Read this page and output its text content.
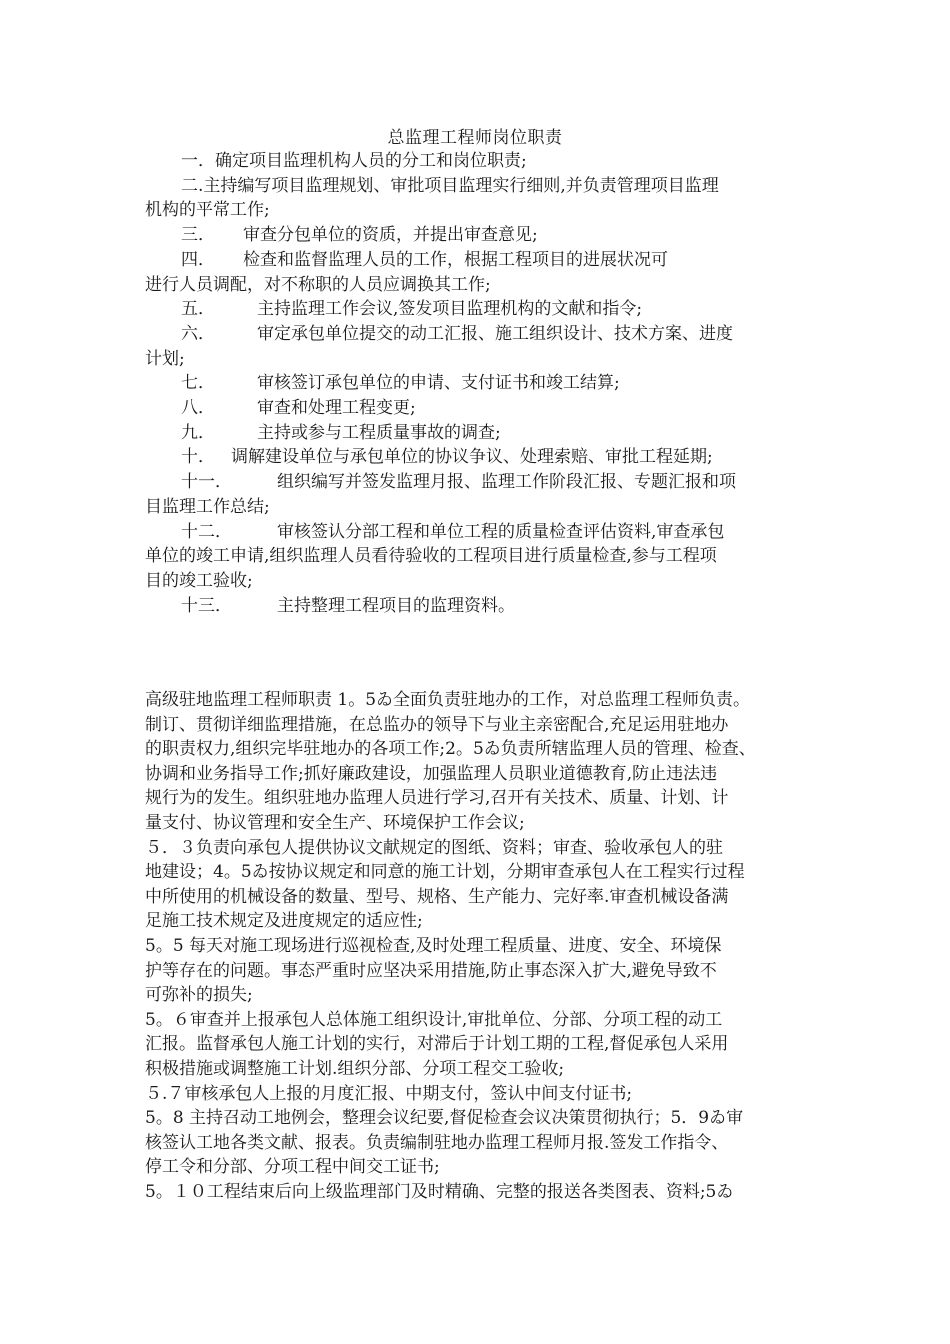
总监理工程师岗位职责

一．确定项目监理机构人员的分工和岗位职责;

二.主持编写项目监理规划、审批项目监理实行细则,并负责管理项目监理

机构的平常工作;

三． 审查分包单位的资质，并提出审查意见;

四． 检查和监督监理人员的工作，根据工程项目的进展状况可

进行人员调配，对不称职的人员应调换其工作;

五． 主持监理工作会议,签发项目监理机构的文献和指令;

六． 审定承包单位提交的动工汇报、施工组织设计、技术方案、进度

计划;

七． 审核签订承包单位的申请、支付证书和竣工结算;

八． 审查和处理工程变更;

九． 主持或参与工程质量事故的调查;

十． 调解建设单位与承包单位的协议争议、处理索赔、审批工程延期;

十一．	组织编写并签发监理月报、监理工作阶段汇报、专题汇报和项

目监理工作总结;

十二．	审核签认分部工程和单位工程的质量检查评估资料,审查承包

单位的竣工申请,组织监理人员看待验收的工程项目进行质量检查,参与工程项

目的竣工验收;

十三．	主持整理工程项目的监理资料。

高级驻地监理工程师职责 1。5ゐ全面负责驻地办的工作，对总监理工程师负责。

制订、贯彻详细监理措施，在总监办的领导下与业主亲密配合,充足运用驻地办

的职责权力,组织完毕驻地办的各项工作;2。5ゐ负责所辖监理人员的管理、检查、

协调和业务指导工作;抓好廉政建设，加强监理人员职业道德教育,防止违法违

规行为的发生。组织驻地办监理人员进行学习,召开有关技术、质量、计划、计

量支付、协议管理和安全生产、环境保护工作会议;

５．３负责向承包人提供协议文献规定的图纸、资料；审查、验收承包人的驻

地建设；4。5ゐ按协议规定和同意的施工计划，分期审查承包人在工程实行过程

中所使用的机械设备的数量、型号、规格、生产能力、完好率.审查机械设备满

足施工技术规定及进度规定的适应性;

5。5 每天对施工现场进行巡视检查,及时处理工程质量、进度、安全、环境保

护等存在的问题。事态严重时应坚决采用措施,防止事态深入扩大,避免导致不

可弥补的损失;

5。６审查并上报承包人总体施工组织设计,审批单位、分部、分项工程的动工

汇报。监督承包人施工计划的实行，对滞后于计划工期的工程,督促承包人采用

积极措施或调整施工计划.组织分部、分项工程交工验收;

５.７审核承包人上报的月度汇报、中期支付，签认中间支付证书;

5。8 主持召动工地例会，整理会议纪要,督促检查会议决策贯彻执行；5．9ゐ审

核签认工地各类文献、报表。负责编制驻地办监理工程师月报.签发工作指令、

停工令和分部、分项工程中间交工证书;

5。１０工程结束后向上级监理部门及时精确、完整的报送各类图表、资料;5ゐ
